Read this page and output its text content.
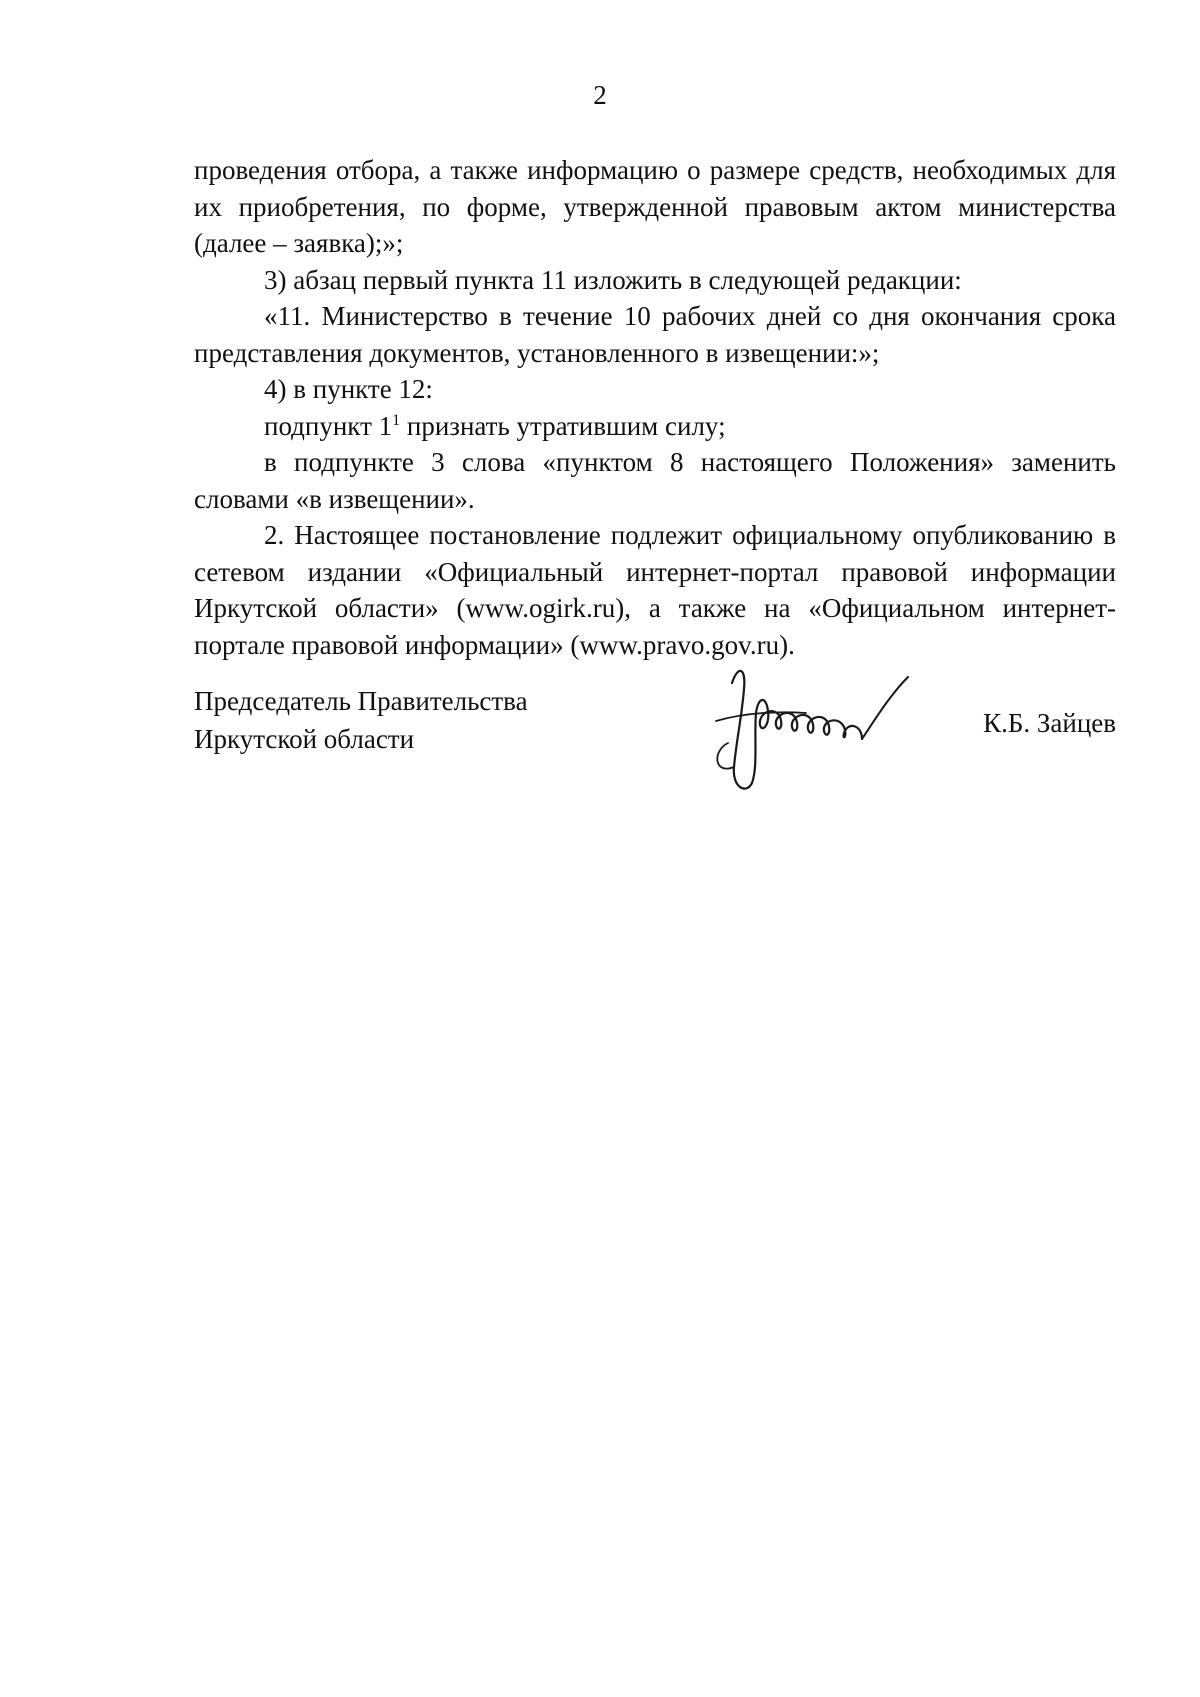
2

проведения отбора, а также информацию о размере средств, необходимых для их приобретения, по форме, утвержденной правовым актом министерства (далее – заявка);»;

3) абзац первый пункта 11 изложить в следующей редакции:

«11. Министерство в течение 10 рабочих дней со дня окончания срока представления документов, установленного в извещении:»;

4) в пункте 12:

подпункт $1^1$ признать утратившим силу;

в подпункте 3 слова «пунктом 8 настоящего Положения» заменить словами «в извещении».

2. Настоящее постановление подлежит официальному опубликованию в сетевом издании «Официальный интернет-портал правовой информации Иркутской области» (www.ogirk.ru), а также на «Официальном интернет-портале правовой информации» (www.pravo.gov.ru).

Председатель Правительства
Иркутской области
К.Б. Зайцев
